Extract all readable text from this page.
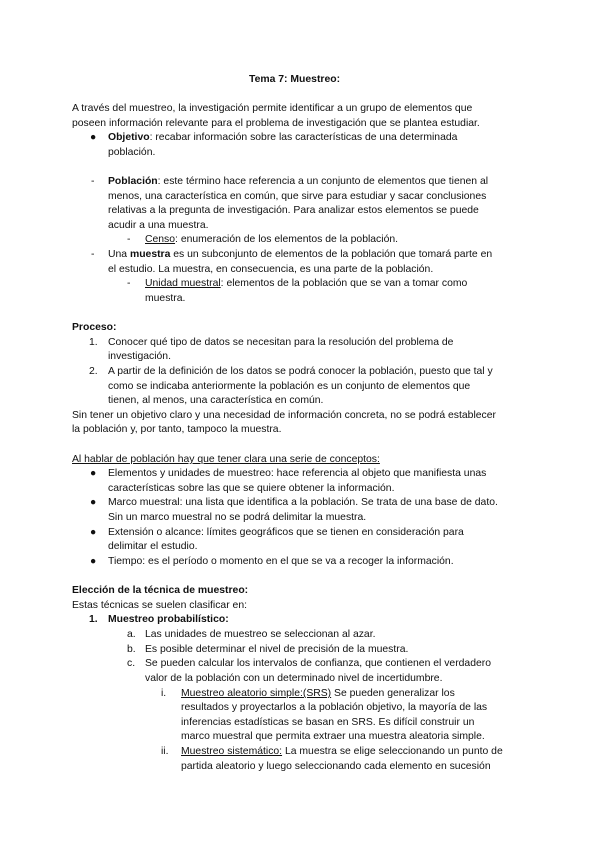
Tema 7: Muestreo:
A través del muestreo, la investigación permite identificar a un grupo de elementos que
poseen información relevante para el problema de investigación que se plantea estudiar.
● Objetivo: recabar información sobre las características de una determinada
población.
- Población: este término hace referencia a un conjunto de elementos que tienen al
menos, una característica en común, que sirve para estudiar y sacar conclusiones
relativas a la pregunta de investigación. Para analizar estos elementos se puede
acudir a una muestra.
- Censo: enumeración de los elementos de la población.
- Una muestra es un subconjunto de elementos de la población que tomará parte en
el estudio. La muestra, en consecuencia, es una parte de la población.
- Unidad muestral: elementos de la población que se van a tomar como
muestra.
Proceso:
1. Conocer qué tipo de datos se necesitan para la resolución del problema de
investigación.
2. A partir de la definición de los datos se podrá conocer la población, puesto que tal y
como se indicaba anteriormente la población es un conjunto de elementos que
tienen, al menos, una característica en común.
Sin tener un objetivo claro y una necesidad de información concreta, no se podrá establecer
la población y, por tanto, tampoco la muestra.
Al hablar de población hay que tener clara una serie de conceptos:
● Elementos y unidades de muestreo: hace referencia al objeto que manifiesta unas
características sobre las que se quiere obtener la información.
● Marco muestral: una lista que identifica a la población. Se trata de una base de dato.
Sin un marco muestral no se podrá delimitar la muestra.
● Extensión o alcance: límites geográficos que se tienen en consideración para
delimitar el estudio.
● Tiempo: es el período o momento en el que se va a recoger la información.
Elección de la técnica de muestreo:
Estas técnicas se suelen clasificar en:
1. Muestreo probabilístico:
a. Las unidades de muestreo se seleccionan al azar.
b. Es posible determinar el nivel de precisión de la muestra.
c. Se pueden calcular los intervalos de confianza, que contienen el verdadero
valor de la población con un determinado nivel de incertidumbre.
i. Muestreo aleatorio simple:(SRS) Se pueden generalizar los
resultados y proyectarlos a la población objetivo, la mayoría de las
inferencias estadísticas se basan en SRS. Es difícil construir un
marco muestral que permita extraer una muestra aleatoria simple.
ii. Muestreo sistemático: La muestra se elige seleccionando un punto de
partida aleatorio y luego seleccionando cada elemento en sucesión
